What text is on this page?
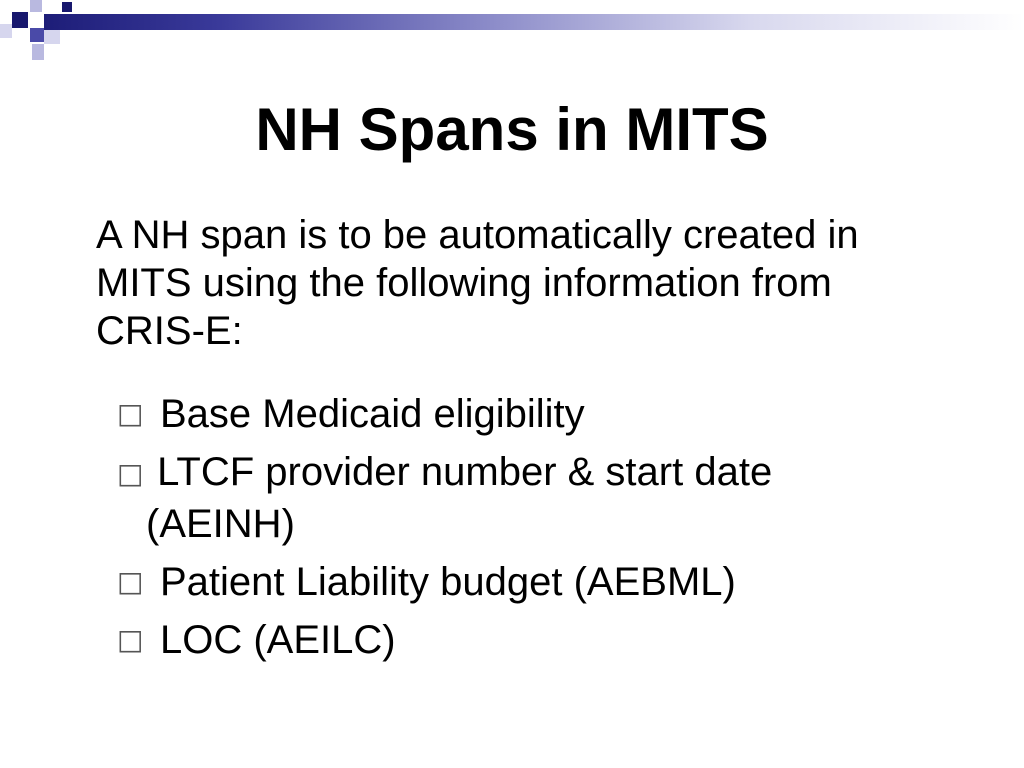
NH Spans in MITS

A NH span is to be automatically created in MITS using the following information from CRIS-E:

□ Base Medicaid eligibility
□ LTCF provider number & start date (AEINH)
□ Patient Liability budget (AEBML)
□ LOC (AEILC)
